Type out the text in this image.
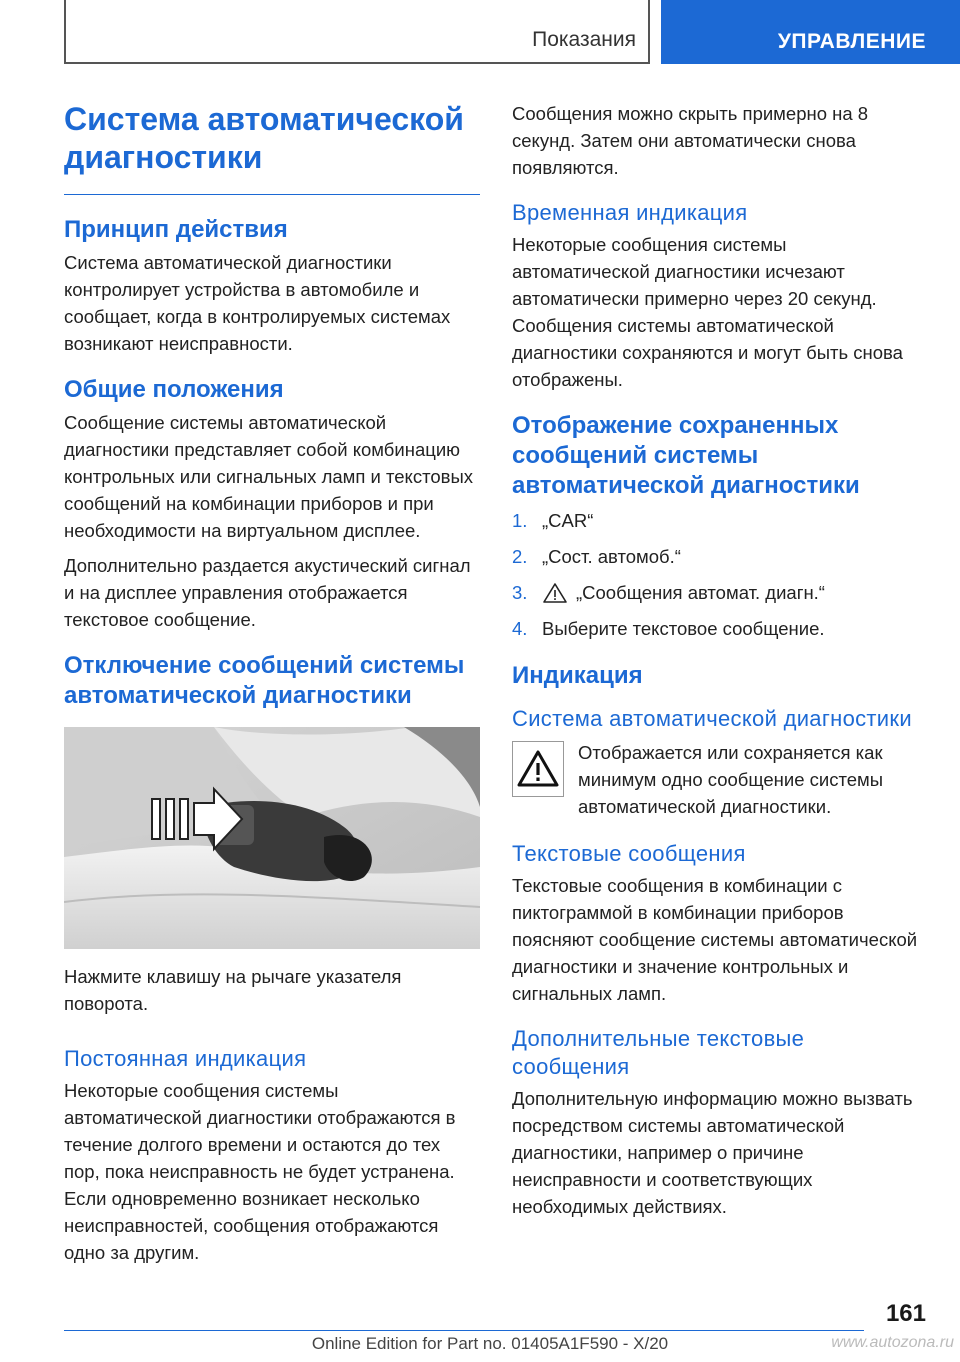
Показания	УПРАВЛЕНИЕ
Система автоматической диагностики
Принцип действия

Система автоматической диагностики контролирует устройства в автомобиле и сообщает, когда в контролируемых системах возникают неисправности.

Общие положения

Сообщение системы автоматической диагностики представляет собой комбинацию контрольных или сигнальных ламп и текстовых сообщений на комбинации приборов и при необходимости на виртуальном дисплее.

Дополнительно раздается акустический сигнал и на дисплее управления отображается текстовое сообщение.

Отключение сообщений системы автоматической диагностики

Нажмите клавишу на рычаге указателя поворота.

Постоянная индикация

Некоторые сообщения системы автоматической диагностики отображаются в течение долгого времени и остаются до тех пор, пока неисправность не будет устранена. Если одновременно возникает несколько неисправностей, сообщения отображаются одно за другим.

Сообщения можно скрыть примерно на 8 секунд. Затем они автоматически снова появляются.

Временная индикация

Некоторые сообщения системы автоматической диагностики исчезают автоматически примерно через 20 секунд. Сообщения системы автоматической диагностики сохраняются и могут быть снова отображены.

Отображение сохраненных сообщений системы автоматической диагностики
1. „CAR“
2. „Сост. автомоб.“
3.	„Сообщения автомат. диагн.“
4. Выберите текстовое сообщение.
Индикация
Система автоматической диагностики

Отображается или сохраняется как минимум одно сообщение системы автоматической диагностики.

Текстовые сообщения

Текстовые сообщения в комбинации с пиктограммой в комбинации приборов поясняют сообщение системы автоматической диагностики и значение контрольных и сигнальных ламп.

Дополнительные текстовые сообщения

Дополнительную информацию можно вызвать посредством системы автоматической диагностики, например о причине неисправности и соответствующих необходимых действиях.

161
Online Edition for Part no. 01405A1F590 - X/20	www.autozona.ru
